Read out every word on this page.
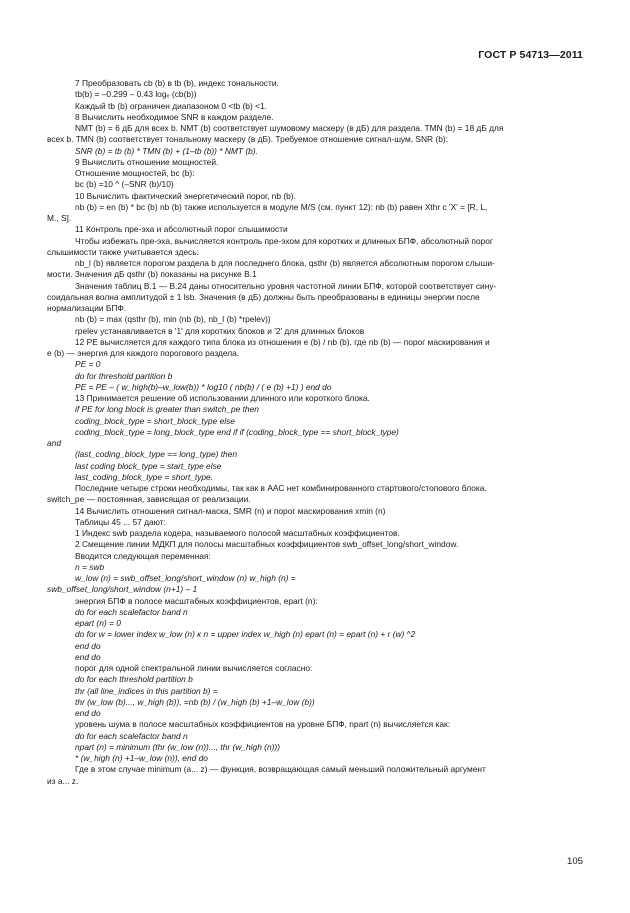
ГОСТ Р 54713—2011
7 Преобразовать cb (b) в tb (b), индекс тональности.
tb(b) = –0.299 – 0.43 logₑ (cb(b))
Каждый tb (b) ограничен диапазоном 0 <tb (b) <1.
8 Вычислить необходимое SNR в каждом разделе.
NMT (b) = 6 дБ для всех b. NMT (b) соответствует шумовому маскеру (в дБ) для раздела. TMN (b) = 18 дБ для
всех b. TMN (b) соответствует тональному маскеру (в дБ). Требуемое отношение сигнал-шум, SNR (b):
SNR (b) = tb (b) * TMN (b) + (1–tb (b)) * NMT (b).
9 Вычислить отношение мощностей.
Отношение мощностей, bc (b):
bc (b) =10 ^ (–SNR (b)/10)
10 Вычислить фактический энергетический порог, nb (b).
nb (b) = en (b) * bc (b) nb (b) также используется в модуле M/S (см. пункт 12): nb (b) равен Xthr c 'X' = [R, L,
M., S].
11 Контроль пре-эха и абсолютный порог слышимости
Чтобы избежать пре-эха, вычисляется контроль пре-эхом для коротких и длинных БПФ, абсолютный порог
слышимости также учитывается здесь:
nb_l (b) является порогом раздела b для последнего блока, qsthr (b) является абсолютным порогом слыши-
мости. Значения дБ qsthr (b) показаны на рисунке В.1
Значения таблиц В.1 — В.24 даны относительно уровня частотной линии БПФ, которой соответствует сину-
соидальная волна амплитудой ± 1 lsb. Значения (в дБ) должны быть преобразованы в единицы энергии после
нормализации БПФ.
nb (b) = max (qsthr (b), min (nb (b), nb_l (b) *rpelev))
rpelev устанавливается в '1' для коротких блоков и '2' для длинных блоков
12 PE вычисляется для каждого типа блока из отношения e (b) / nb (b), где nb (b) — порог маскирования и
e (b) — энергия для каждого порогового раздела.
PE = 0
do for threshold partition b
PE = PE – ( w_high(b)–w_low(b)) * log10 ( nb(b) / ( e (b) +1) ) end do
13 Принимается решение об использовании длинного или короткого блока.
if PE for long block is greater than switch_pe then
coding_block_type = short_block_type else
coding_block_type = long_block_type end if if (coding_block_type == short_block_type)
and
(last_coding_block_type == long_type) then
last coding block_type = start_type else
last_coding_block_type = short_type.
Последние четыре строки необходимы, так как в ААС нет комбинированного стартового/стопового блока.
switch_pe — постоянная, зависящая от реализации.
14 Вычислить отношения сигнал-маска, SMR (n) и порог маскирования xmin (n)
Таблицы 45 ... 57 дают:
1 Индекс swb раздела кодера, называемого полосой масштабных коэффициентов.
2 Смещение линии МДКП для полосы масштабных коэффициентов swb_offset_long/short_window.
Вводится следующая переменная:
n = swb
w_low (n) = swb_offset_long/short_window (n) w_high (n) =
swb_offset_long/short_window (n+1) – 1
энергия БПФ в полосе масштабных коэффициентов, epart (n):
do for each scalefactor band n
epart (n) = 0
do for w = lower index w_low (n) к n = upper index w_high (n) epart (n) = epart (n) + r (w) ^2
end do
end do
порог для одной спектральной линии вычисляется согласно:
do for each threshold partition b
thr (all line_indices in this partition b) =
thr (w_low (b)..., w_high (b)), =nb (b) / (w_high (b) +1–w_low (b))
end do
уровень шума в полосе масштабных коэффициентов на уровне БПФ, npart (n) вычисляется как:
do for each scalefactor band n
npart (n) = minimum (thr (w_low (n))..., thr (w_high (n)))
* (w_high (n) +1–w_low (n)), end do
Где в этом случае minimum (a... z) — функция, возвращающая самый меньший положительный аргумент
из a... z.
105
